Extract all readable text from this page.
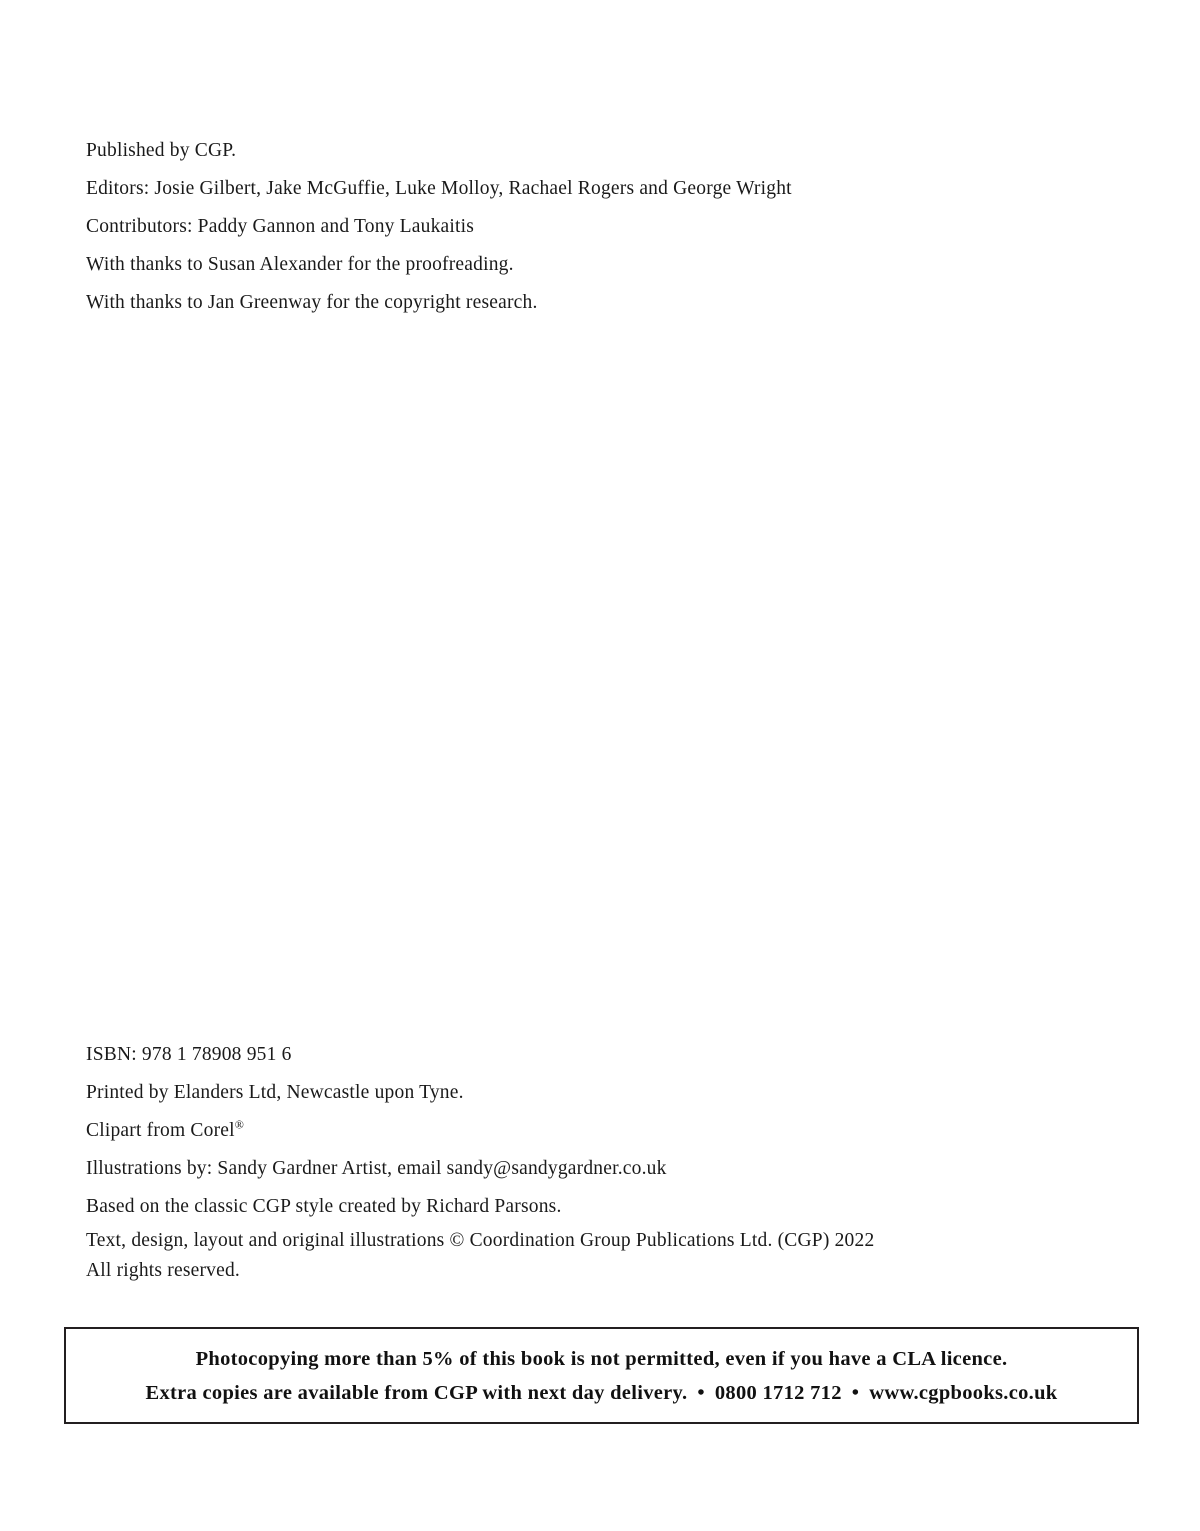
Published by CGP.
Editors: Josie Gilbert, Jake McGuffie, Luke Molloy, Rachael Rogers and George Wright
Contributors: Paddy Gannon and Tony Laukaitis
With thanks to Susan Alexander for the proofreading.
With thanks to Jan Greenway for the copyright research.
ISBN: 978 1 78908 951 6
Printed by Elanders Ltd, Newcastle upon Tyne.
Clipart from Corel®
Illustrations by: Sandy Gardner Artist, email sandy@sandygardner.co.uk
Based on the classic CGP style created by Richard Parsons.
Text, design, layout and original illustrations © Coordination Group Publications Ltd. (CGP) 2022
All rights reserved.
Photocopying more than 5% of this book is not permitted, even if you have a CLA licence.
Extra copies are available from CGP with next day delivery. • 0800 1712 712 • www.cgpbooks.co.uk
